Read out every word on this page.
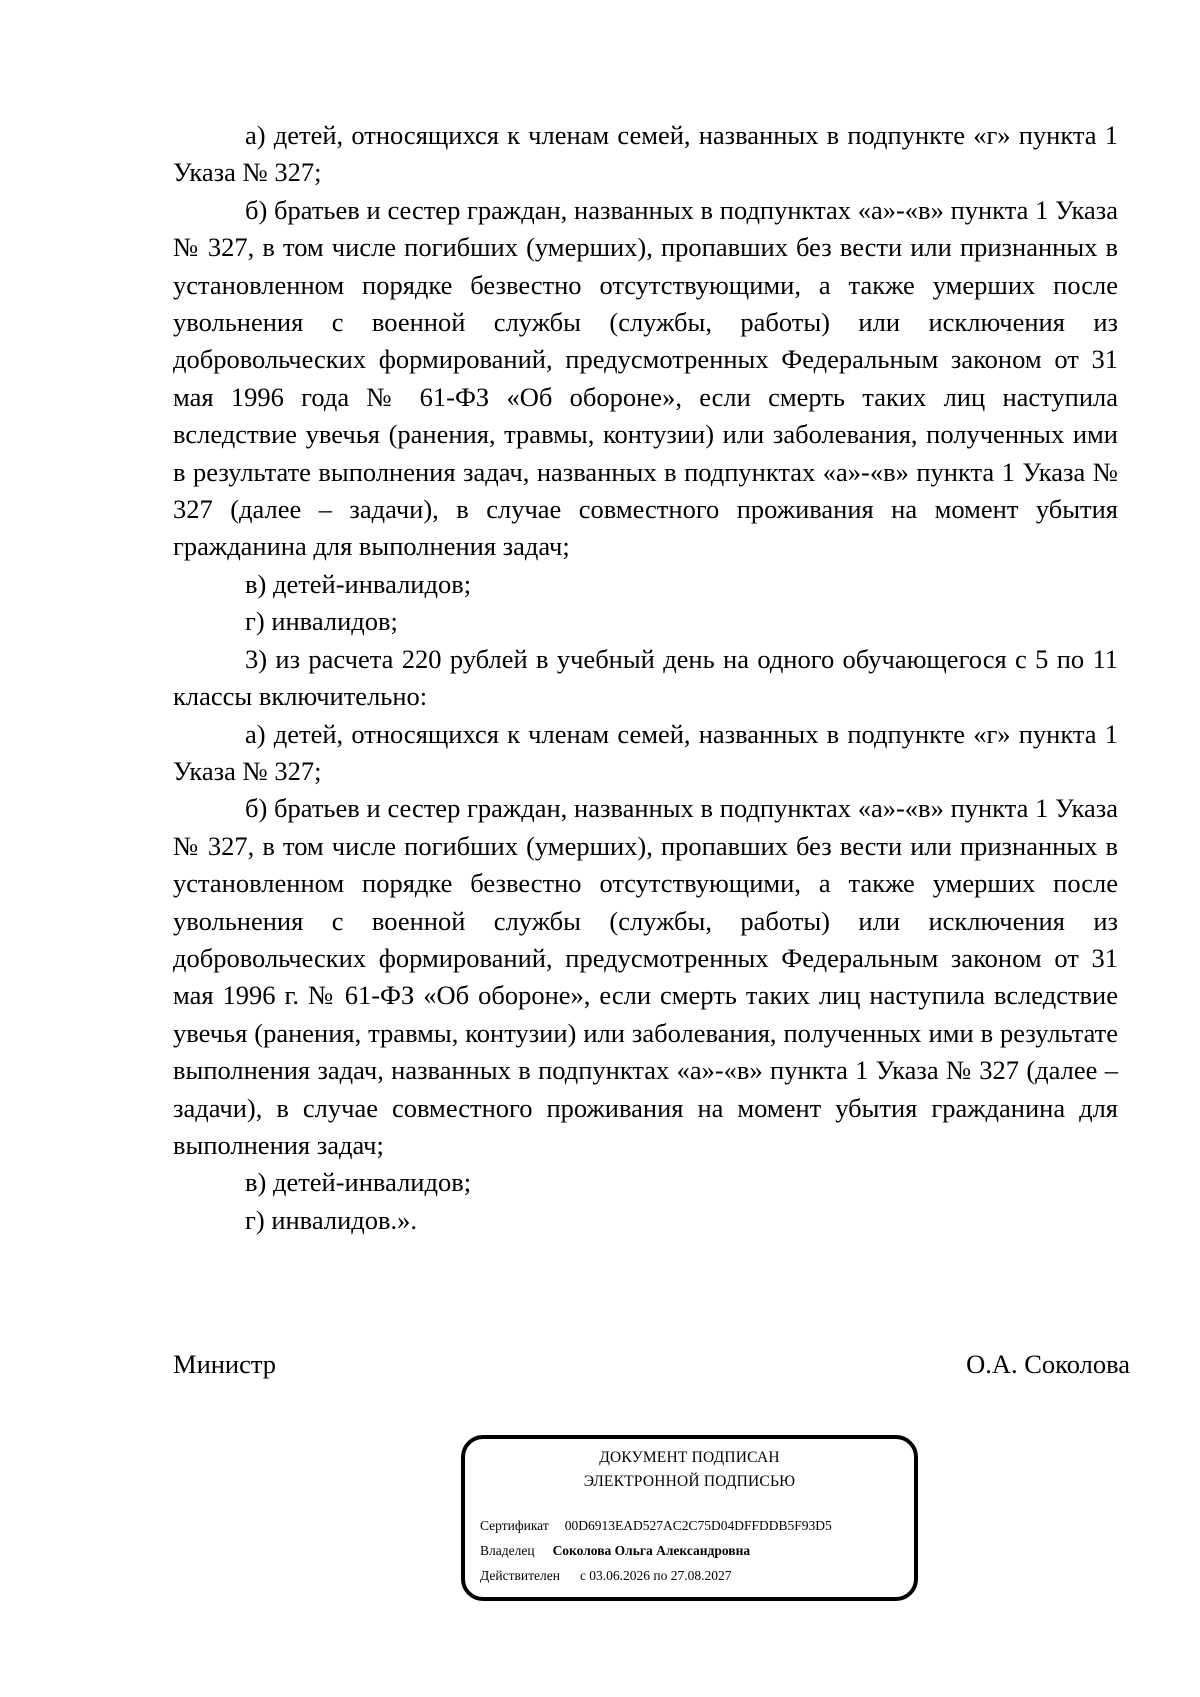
а) детей, относящихся к членам семей, названных в подпункте «г» пункта 1 Указа № 327;

б) братьев и сестер граждан, названных в подпунктах «а»-«в» пункта 1 Указа № 327, в том числе погибших (умерших), пропавших без вести или признанных в установленном порядке безвестно отсутствующими, а также умерших после увольнения с военной службы (службы, работы) или исключения из добровольческих формирований, предусмотренных Федеральным законом от 31 мая 1996 года № 61-ФЗ «Об обороне», если смерть таких лиц наступила вследствие увечья (ранения, травмы, контузии) или заболевания, полученных ими в результате выполнения задач, названных в подпунктах «а»-«в» пункта 1 Указа № 327 (далее – задачи), в случае совместного проживания на момент убытия гражданина для выполнения задач;

в) детей-инвалидов;

г) инвалидов;

3) из расчета 220 рублей в учебный день на одного обучающегося с 5 по 11 классы включительно:

а) детей, относящихся к членам семей, названных в подпункте «г» пункта 1 Указа № 327;

б) братьев и сестер граждан, названных в подпунктах «а»-«в» пункта 1 Указа № 327, в том числе погибших (умерших), пропавших без вести или признанных в установленном порядке безвестно отсутствующими, а также умерших после увольнения с военной службы (службы, работы) или исключения из добровольческих формирований, предусмотренных Федеральным законом от 31 мая 1996 г. № 61-ФЗ «Об обороне», если смерть таких лиц наступила вследствие увечья (ранения, травмы, контузии) или заболевания, полученных ими в результате выполнения задач, названных в подпунктах «а»-«в» пункта 1 Указа № 327 (далее – задачи), в случае совместного проживания на момент убытия гражданина для выполнения задач;

в) детей-инвалидов;

г) инвалидов.».

Министр	О.А. Соколова
ДОКУМЕНТ ПОДПИСАН
ЭЛЕКТРОННОЙ ПОДПИСЬЮ
Сертификат 00D6913EAD527AC2C75D04DFFDDB5F93D5
Владелец Соколова Ольга Александровна
Действителен с 03.06.2026 по 27.08.2027
